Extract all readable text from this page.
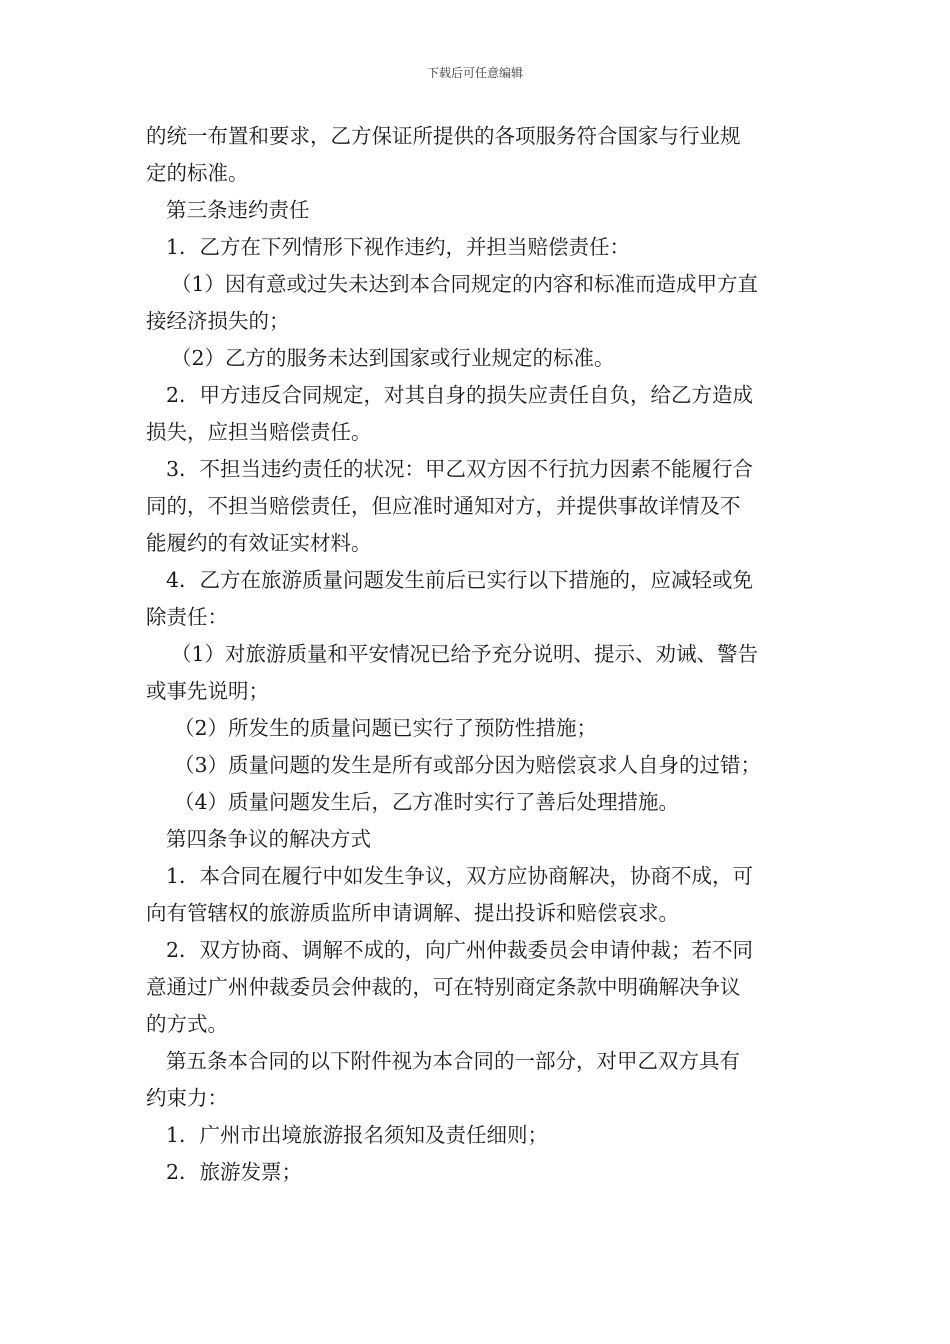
下载后可任意编辑
的统一布置和要求，乙方保证所提供的各项服务符合国家与行业规
定的标准。
第三条违约责任
1．乙方在下列情形下视作违约，并担当赔偿责任：
（1）因有意或过失未达到本合同规定的内容和标准而造成甲方直
接经济损失的；
（2）乙方的服务未达到国家或行业规定的标准。
2．甲方违反合同规定，对其自身的损失应责任自负，给乙方造成
损失，应担当赔偿责任。
3．不担当违约责任的状况：甲乙双方因不行抗力因素不能履行合
同的，不担当赔偿责任，但应准时通知对方，并提供事故详情及不
能履约的有效证实材料。
4．乙方在旅游质量问题发生前后已实行以下措施的，应减轻或免
除责任：
（1）对旅游质量和平安情况已给予充分说明、提示、劝诫、警告
或事先说明；
（2）所发生的质量问题已实行了预防性措施；
（3）质量问题的发生是所有或部分因为赔偿哀求人自身的过错；
（4）质量问题发生后，乙方准时实行了善后处理措施。
第四条争议的解决方式
1．本合同在履行中如发生争议，双方应协商解决，协商不成，可
向有管辖权的旅游质监所申请调解、提出投诉和赔偿哀求。
2．双方协商、调解不成的，向广州仲裁委员会申请仲裁；若不同
意通过广州仲裁委员会仲裁的，可在特别商定条款中明确解决争议
的方式。
第五条本合同的以下附件视为本合同的一部分，对甲乙双方具有
约束力：
1．广州市出境旅游报名须知及责任细则；
2．旅游发票；
